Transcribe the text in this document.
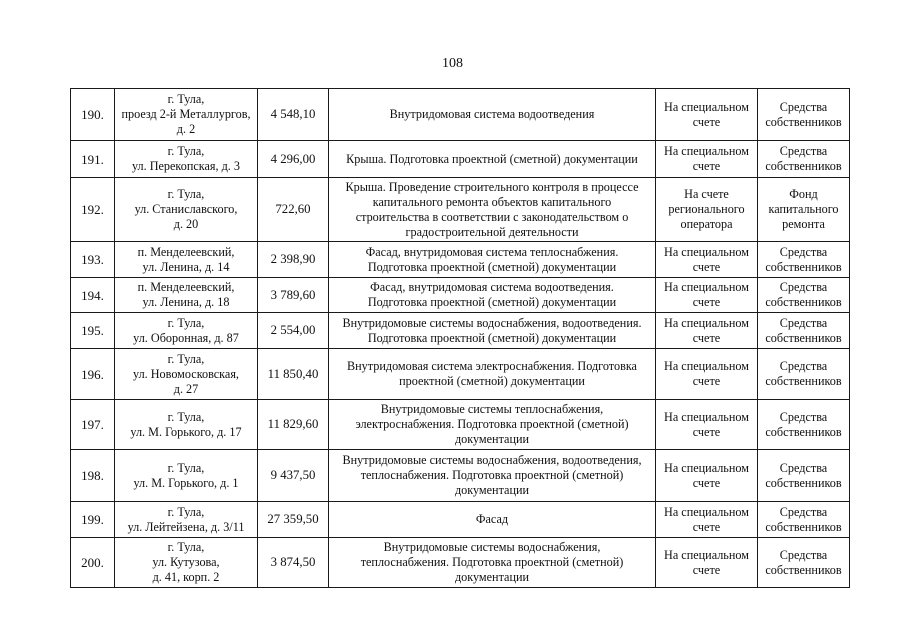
108
190.	г. Тула,
проезд 2-й Металлургов,
д. 2	4 548,10	Внутридомовая система водоотведения	На специальном
счете	Средства
собственников
191.	г. Тула,
ул. Перекопская, д. 3	4 296,00	Крыша. Подготовка проектной (сметной) документации	На специальном
счете	Средства
собственников
192.	г. Тула,
ул. Станиславского,
д. 20	722,60	Крыша. Проведение строительного контроля в процессе
капитального ремонта объектов капитального
строительства в соответствии с законодательством о
градостроительной деятельности	На счете
регионального
оператора	Фонд
капитального
ремонта
193.	п. Менделеевский,
ул. Ленина, д. 14	2 398,90	Фасад, внутридомовая система теплоснабжения.
Подготовка проектной (сметной) документации	На специальном
счете	Средства
собственников
194.	п. Менделеевский,
ул. Ленина, д. 18	3 789,60	Фасад, внутридомовая система водоотведения.
Подготовка проектной (сметной) документации	На специальном
счете	Средства
собственников
195.	г. Тула,
ул. Оборонная, д. 87	2 554,00	Внутридомовые системы водоснабжения, водоотведения.
Подготовка проектной (сметной) документации	На специальном
счете	Средства
собственников
196.	г. Тула,
ул. Новомосковская,
д. 27	11 850,40	Внутридомовая система электроснабжения. Подготовка
проектной (сметной) документации	На специальном
счете	Средства
собственников
197.	г. Тула,
ул. М. Горького, д. 17	11 829,60	Внутридомовые системы теплоснабжения,
электроснабжения. Подготовка проектной (сметной)
документации	На специальном
счете	Средства
собственников
198.	г. Тула,
ул. М. Горького, д. 1	9 437,50	Внутридомовые системы водоснабжения, водоотведения,
теплоснабжения. Подготовка проектной (сметной)
документации	На специальном
счете	Средства
собственников
199.	г. Тула,
ул. Лейтейзена, д. 3/11	27 359,50	Фасад	На специальном
счете	Средства
собственников
200.	г. Тула,
ул. Кутузова,
д. 41, корп. 2	3 874,50	Внутридомовые системы водоснабжения,
теплоснабжения. Подготовка проектной (сметной)
документации	На специальном
счете	Средства
собственников
